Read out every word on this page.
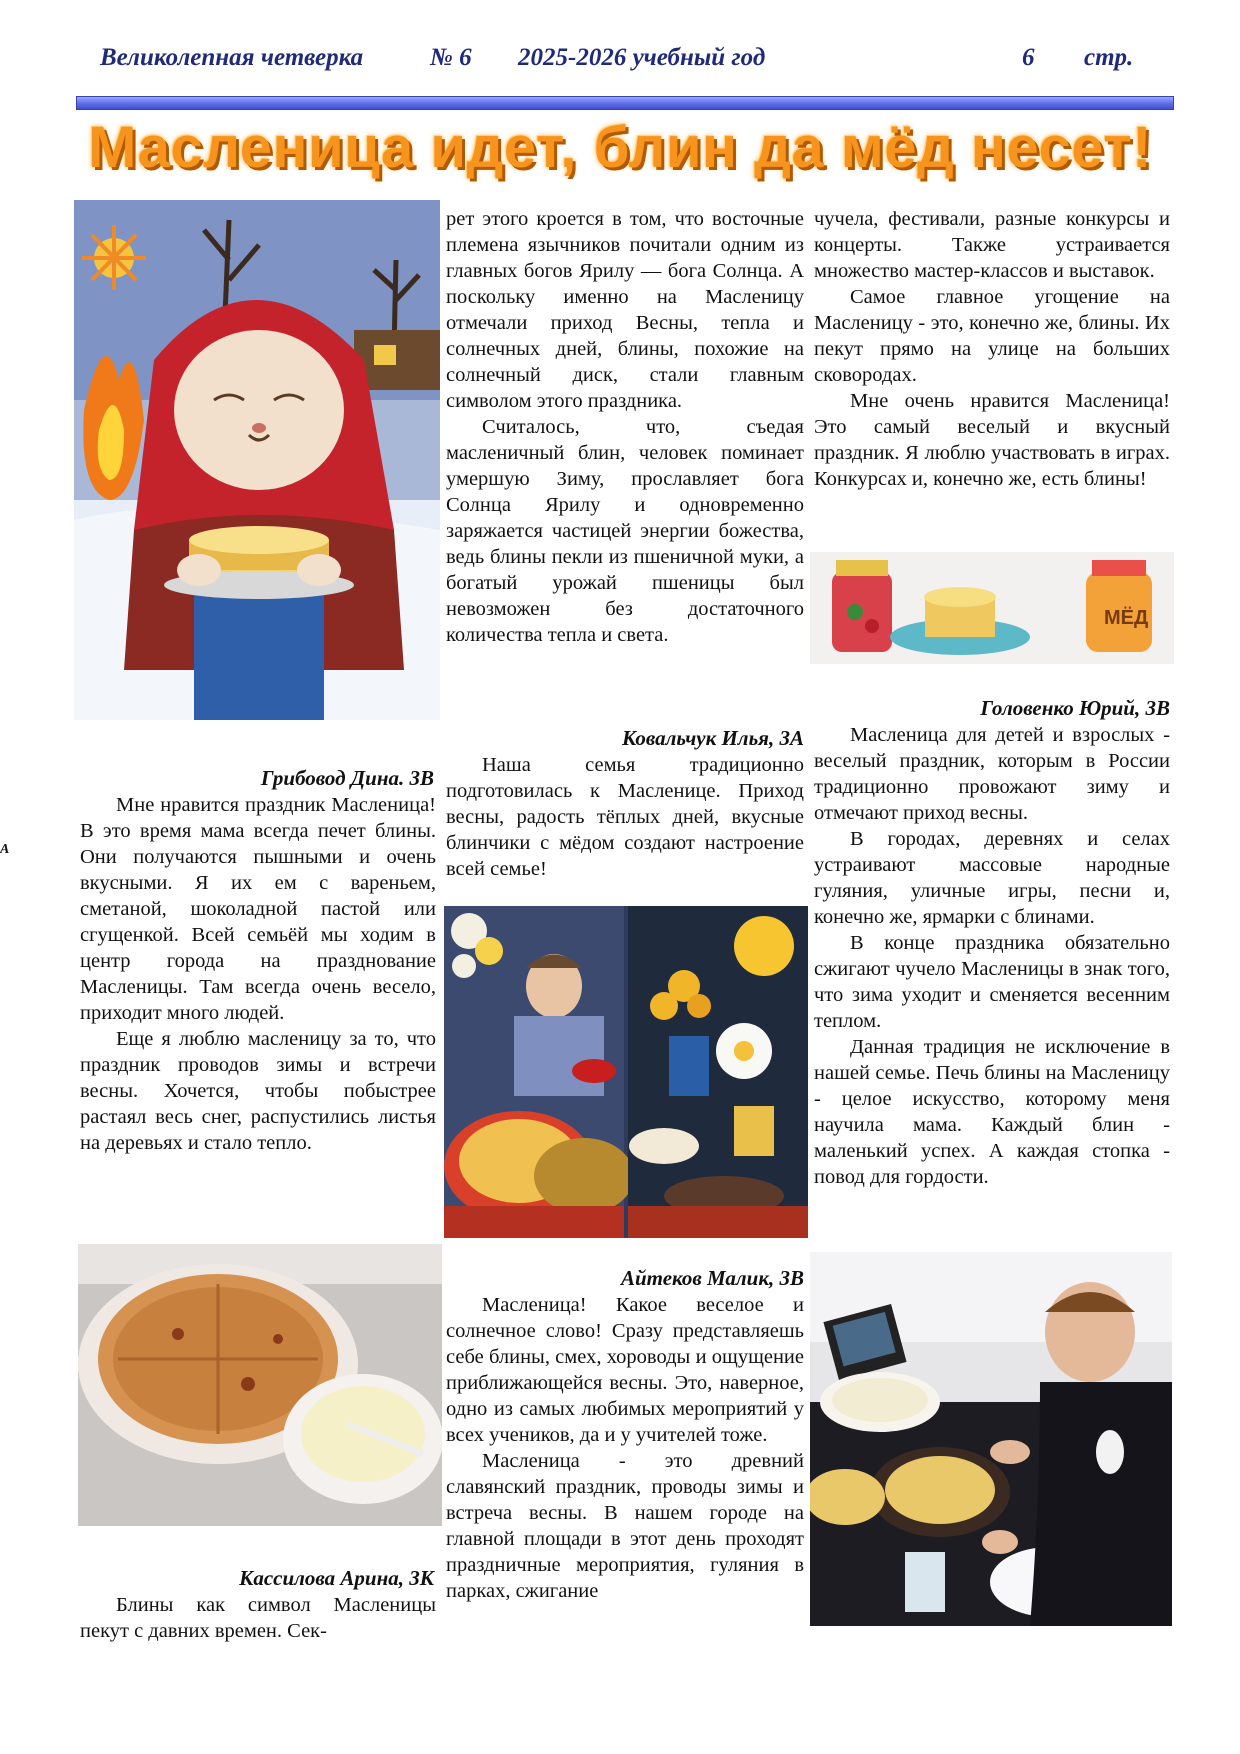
Великолепная четверка	№ 6 2025-2026 учебный год	6 стр.
Масленица идет, блин да мёд несет!
А
Грибовод Дина. 3В

Мне нравится праздник Масленица! В это время мама всегда печет блины. Они получаются пышными и очень вкусными. Я их ем с вареньем, сметаной, шоколадной пастой или сгущенкой. Всей семьёй мы ходим в центр города на празднование Масленицы. Там всегда очень весело, приходит много людей.

Еще я люблю масленицу за то, что праздник проводов зимы и встречи весны. Хочется, чтобы побыстрее растаял весь снег, распустились листья на деревьях и стало тепло.

Кассилова Арина, 3К

Блины как символ Масленицы пекут с давних времен. Сек-

рет этого кроется в том, что восточные племена язычников почитали одним из главных богов Ярилу — бога Солнца. А поскольку именно на Масленицу отмечали приход Весны, тепла и солнечных дней, блины, похожие на солнечный диск, стали главным символом этого праздника.

Считалось, что, съедая масленичный блин, человек поминает умершую Зиму, прославляет бога Солнца Ярилу и одновременно заряжается частицей энергии божества, ведь блины пекли из пшеничной муки, а богатый урожай пшеницы был невозможен без достаточного количества тепла и света.

Ковальчук Илья, 3А

Наша семья традиционно подготовилась к Масленице. Приход весны, радость тёплых дней, вкусные блинчики с мёдом создают настроение всей семье!

Айтеков Малик, 3В

Масленица! Какое веселое и солнечное слово! Сразу представляешь себе блины, смех, хороводы и ощущение приближающейся весны. Это, наверное, одно из самых любимых мероприятий у всех учеников, да и у учителей тоже.

Масленица - это древний славянский праздник, проводы зимы и встреча весны. В нашем городе на главной площади в этот день проходят праздничные мероприятия, гуляния в парках, сжигание

чучела, фестивали, разные конкурсы и концерты. Также устраивается множество мастер-классов и выставок.

Самое главное угощение на Масленицу - это, конечно же, блины. Их пекут прямо на улице на больших сковородах.

Мне очень нравится Масленица! Это самый веселый и вкусный праздник. Я люблю участвовать в играх. Конкурсах и, конечно же, есть блины!

МЁД
Головенко Юрий, 3В

Масленица для детей и взрослых - веселый праздник, которым в России традиционно провожают зиму и отмечают приход весны.

В городах, деревнях и селах устраивают массовые народные гуляния, уличные игры, песни и, конечно же, ярмарки с блинами.

В конце праздника обязательно сжигают чучело Масленицы в знак того, что зима уходит и сменяется весенним теплом.

Данная традиция не исключение в нашей семье. Печь блины на Масленицу - целое искусство, которому меня научила мама. Каждый блин - маленький успех. А каждая стопка - повод для гордости.
